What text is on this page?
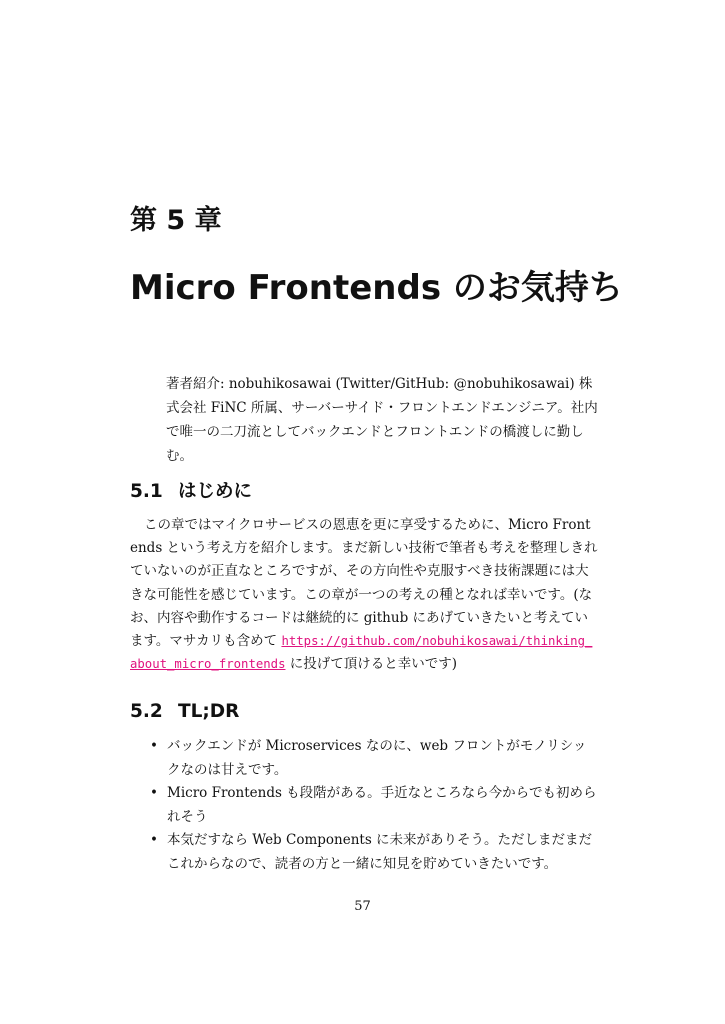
第 5 章
Micro Frontends のお気持ち

著者紹介: nobuhikosawai (Twitter/GitHub: @nobuhikosawai) 株式会社 FiNC 所属、サーバーサイド・フロントエンドエンジニア。社内で唯一の二刀流としてバックエンドとフロントエンドの橋渡しに勤しむ。

5.1 はじめに

この章ではマイクロサービスの恩恵を更に享受するために、Micro Frontends という考え方を紹介します。まだ新しい技術で筆者も考えを整理しきれていないのが正直なところですが、その方向性や克服すべき技術課題には大きな可能性を感じています。この章が一つの考えの種となれば幸いです。(なお、内容や動作するコードは継続的に github にあげていきたいと考えています。マサカリも含めて https://github.com/nobuhikosawai/thinking_about_micro_frontends に投げて頂けると幸いです)

5.2 TL;DR
• バックエンドが Microservices なのに、web フロントがモノリシックなのは甘えです。
• Micro Frontends も段階がある。手近なところなら今からでも初められそう
• 本気だすなら Web Components に未来がありそう。ただしまだまだこれからなので、読者の方と一緒に知見を貯めていきたいです。

57
